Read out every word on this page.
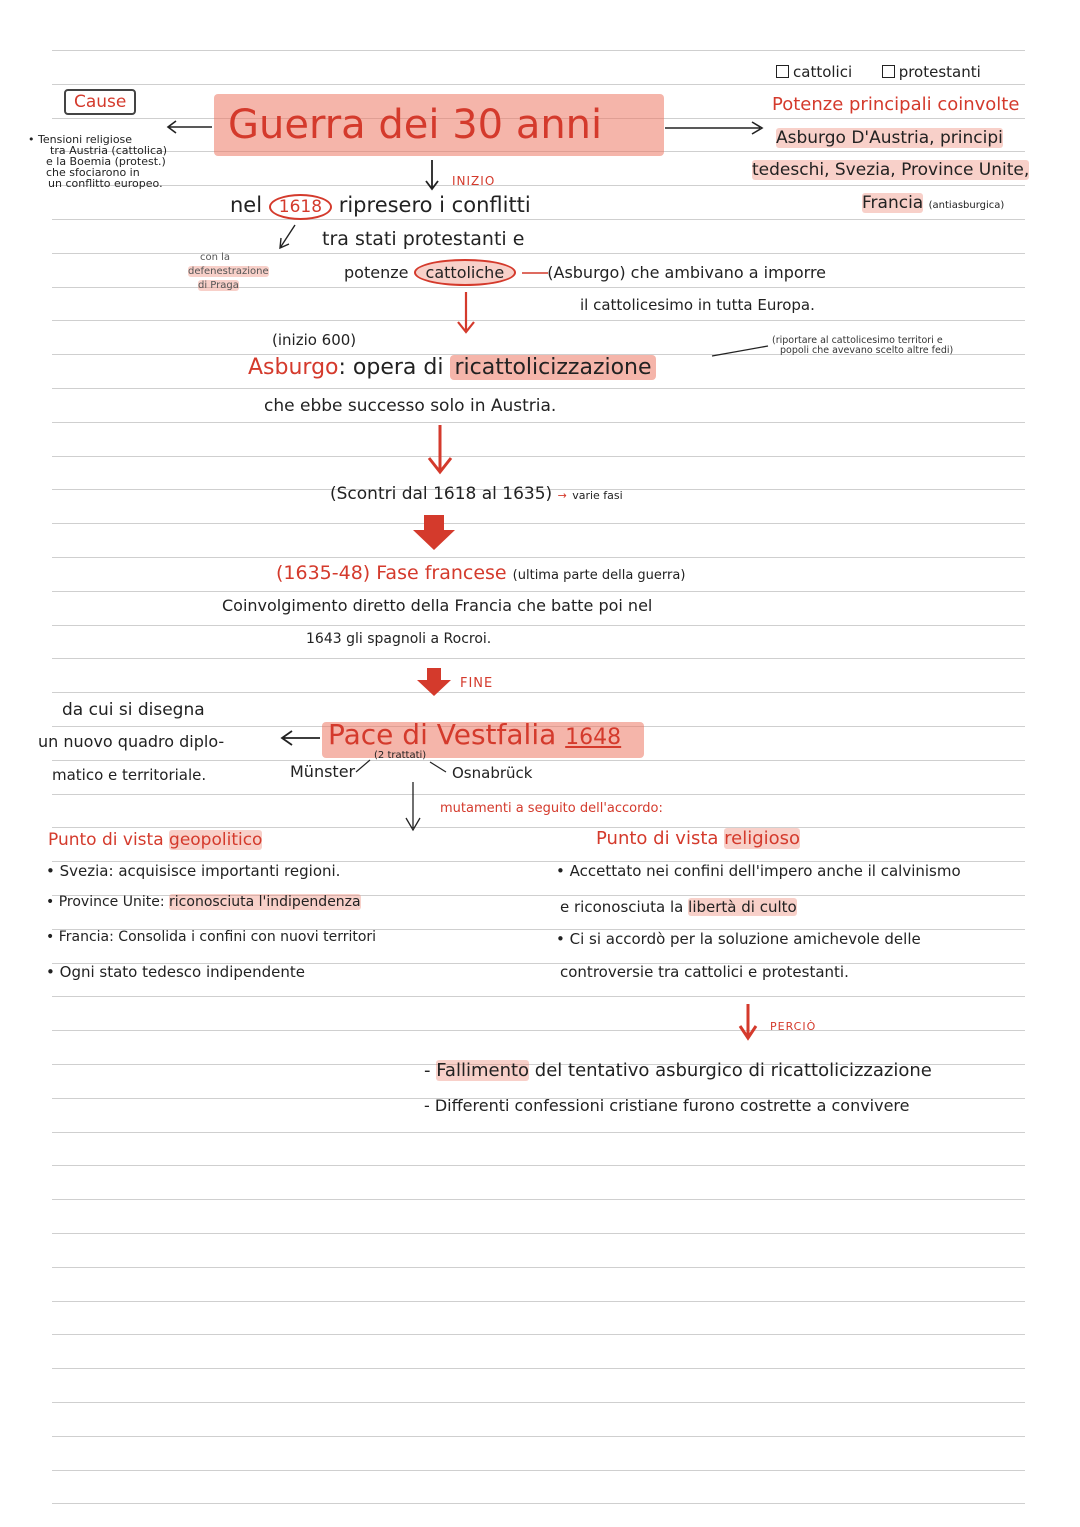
cattolici	protestanti
Cause
• Tensioni religiose
tra Austria (cattolica)
e la Boemia (protest.)
che sfociarono in
un conflitto europeo.
Guerra dei 30 anni	Potenze principali coinvolte
Asburgo D'Austria, principi
tedeschi, Svezia, Province Unite,
Francia (antiasburgica)
INIZIO
nel 1618 ripresero i conflitti
tra stati protestanti e
potenze cattoliche	(Asburgo) che ambivano a imporre
il cattolicesimo in tutta Europa.
con la
defenestrazione
di Praga
(inizio 600)
Asburgo: opera di ricattolicizzazione
che ebbe successo solo in Austria.
(riportare al cattolicesimo territori e
popoli che avevano scelto altre fedi)
(Scontri dal 1618 al 1635) → varie fasi
(1635-48) Fase francese (ultima parte della guerra)
Coinvolgimento diretto della Francia che batte poi nel
1643 gli spagnoli a Rocroi.
FINE
Pace di Vestfalia 1648
(2 trattati)
Münster	Osnabrück
da cui si disegna
un nuovo quadro diplo-
matico e territoriale.
mutamenti a seguito dell'accordo:
Punto di vista geopolitico
• Svezia: acquisisce importanti regioni.
• Province Unite: riconosciuta l'indipendenza
• Francia: Consolida i confini con nuovi territori
• Ogni stato tedesco indipendente
Punto di vista religioso
• Accettato nei confini dell'impero anche il calvinismo
e riconosciuta la libertà di culto
• Ci si accordò per la soluzione amichevole delle
controversie tra cattolici e protestanti.
PERCIÒ
- Fallimento del tentativo asburgico di ricattolicizzazione
- Differenti confessioni cristiane furono costrette a convivere
